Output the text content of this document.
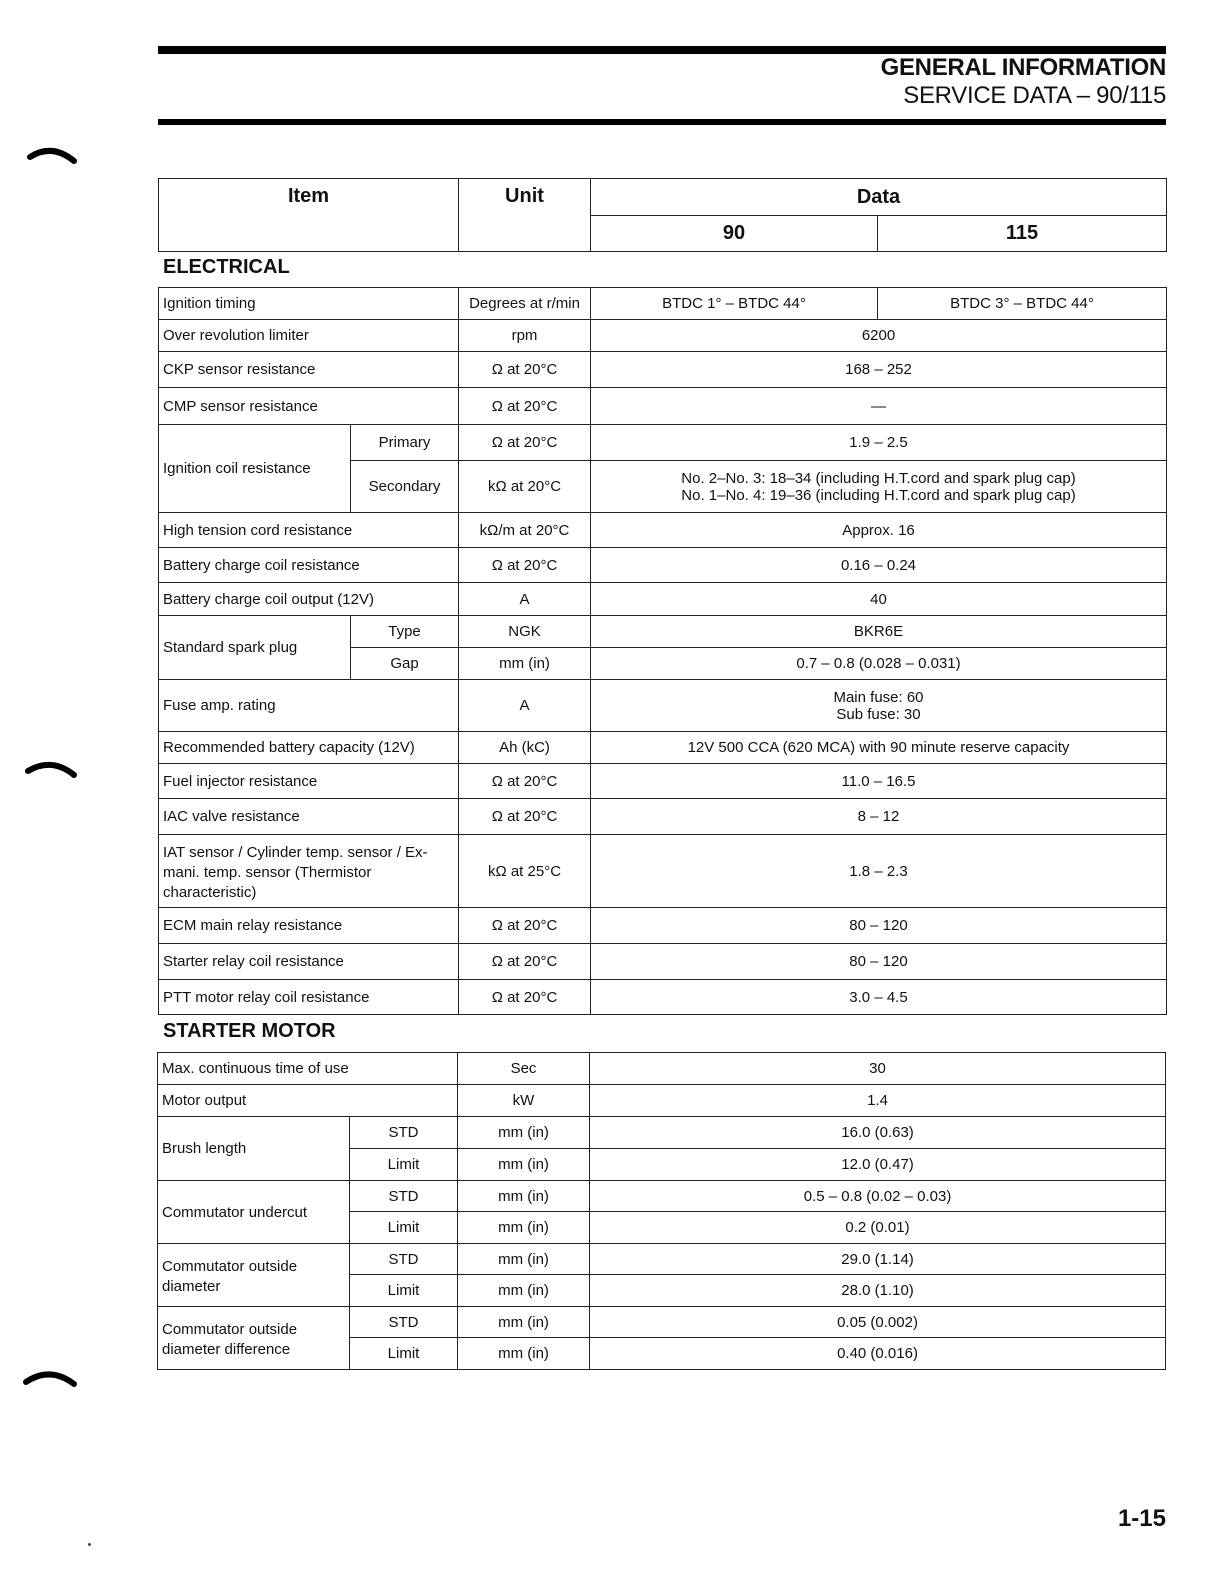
GENERAL INFORMATION
SERVICE DATA – 90/115
Item	Unit	Data	
		90	115
ELECTRICAL
Ignition timing		Degrees at r/min	BTDC 1° – BTDC 44°	BTDC 3° – BTDC 44°
Over revolution limiter		rpm	6200	
CKP sensor resistance		Ω at 20°C	168 – 252	
CMP sensor resistance		Ω at 20°C	—	
Ignition coil resistance	Primary	Ω at 20°C	1.9 – 2.5	
	Secondary	kΩ at 20°C	No. 2–No. 3: 18–34 (including H.T.cord and spark plug cap)
No. 1–No. 4: 19–36 (including H.T.cord and spark plug cap)	

High tension cord resistance		kΩ/m at 20°C	Approx. 16	
Battery charge coil resistance		Ω at 20°C	0.16 – 0.24	
Battery charge coil output (12V)		A	40	
Standard spark plug	Type	NGK	BKR6E	
	Gap	mm (in)	0.7 – 0.8 (0.028 – 0.031)	
Fuse amp. rating		A	Main fuse: 60
Sub fuse: 30	

Recommended battery capacity (12V)		Ah (kC)	12V 500 CCA (620 MCA) with 90 minute reserve capacity	
Fuel injector resistance		Ω at 20°C	11.0 – 16.5	
IAC valve resistance		Ω at 20°C	8 – 12	
IAT sensor / Cylinder temp. sensor / Ex-mani. temp. sensor (Thermistor characteristic)		kΩ at 25°C	1.8 – 2.3	
ECM main relay resistance		Ω at 20°C	80 – 120	
Starter relay coil resistance		Ω at 20°C	80 – 120	
PTT motor relay coil resistance		Ω at 20°C	3.0 – 4.5	
STARTER MOTOR
Max. continuous time of use		Sec	30
Motor output		kW	1.4
Brush length	STD	mm (in)	16.0 (0.63)
	Limit	mm (in)	12.0 (0.47)
Commutator undercut	STD	mm (in)	0.5 – 0.8 (0.02 – 0.03)
	Limit	mm (in)	0.2 (0.01)
Commutator outside diameter	STD	mm (in)	29.0 (1.14)
	Limit	mm (in)	28.0 (1.10)
Commutator outside diameter difference	STD	mm (in)	0.05 (0.002)
	Limit	mm (in)	0.40 (0.016)
1-15
